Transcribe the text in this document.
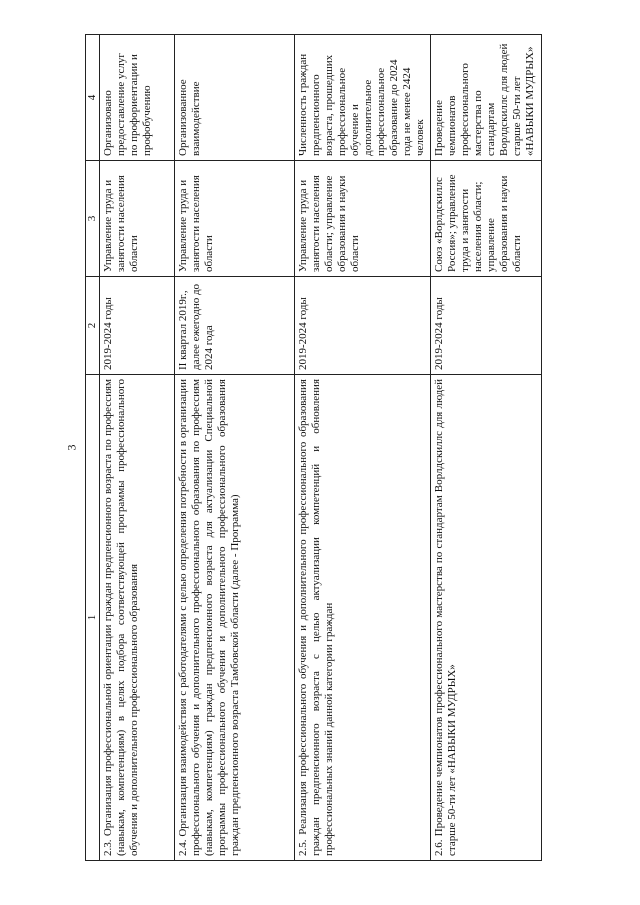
3
1	2	3	4
2.3. Организация профессиональной ориентации граждан предпенсионного возраста по профессиям (навыкам, компетенциям) в целях подбора соответствующей программы профессионального обучения и дополнительного профессионального образования	2019-2024 годы	Управление труда и занятости населения области	Организовано предоставление услуг по профориентации и профобучению
2.4. Организация взаимодействия с работодателями с целью определения потребности в организации профессионального обучения и дополнительного профессионального образования по профессиям (навыкам, компетенциям) граждан предпенсионного возраста для актуализации Специальной программы профессионального обучения и дополнительного профессионального образования граждан предпенсионного возраста Тамбовской области (далее - Программа)	II квартал 2019г., далее ежегодно до 2024 года	Управление труда и занятости населения области	Организованное взаимодействие
2.5. Реализация профессионального обучения и дополнительного профессионального образования граждан предпенсионного возраста с целью актуализации компетенций и обновления профессиональных знаний данной категории граждан	2019-2024 годы	Управление труда и занятости населения области; управление образования и науки области	Численность граждан предпенсионного возраста, прошедших профессиональное обучение и дополнительное профессиональное образование до 2024 года не менее 2424 человек
2.6. Проведение чемпионатов профессионального мастерства по стандартам Ворлдскиллс для людей старше 50-ти лет «НАВЫКИ МУДРЫХ»	2019-2024 годы	Союз «Ворлдскиллс Россия»; управление труда и занятости населения области; управление образования и науки области	Проведение чемпионатов профессионального мастерства по стандартам Ворлдскиллс для людей старше 50-ти лет «НАВЫКИ МУДРЫХ»
